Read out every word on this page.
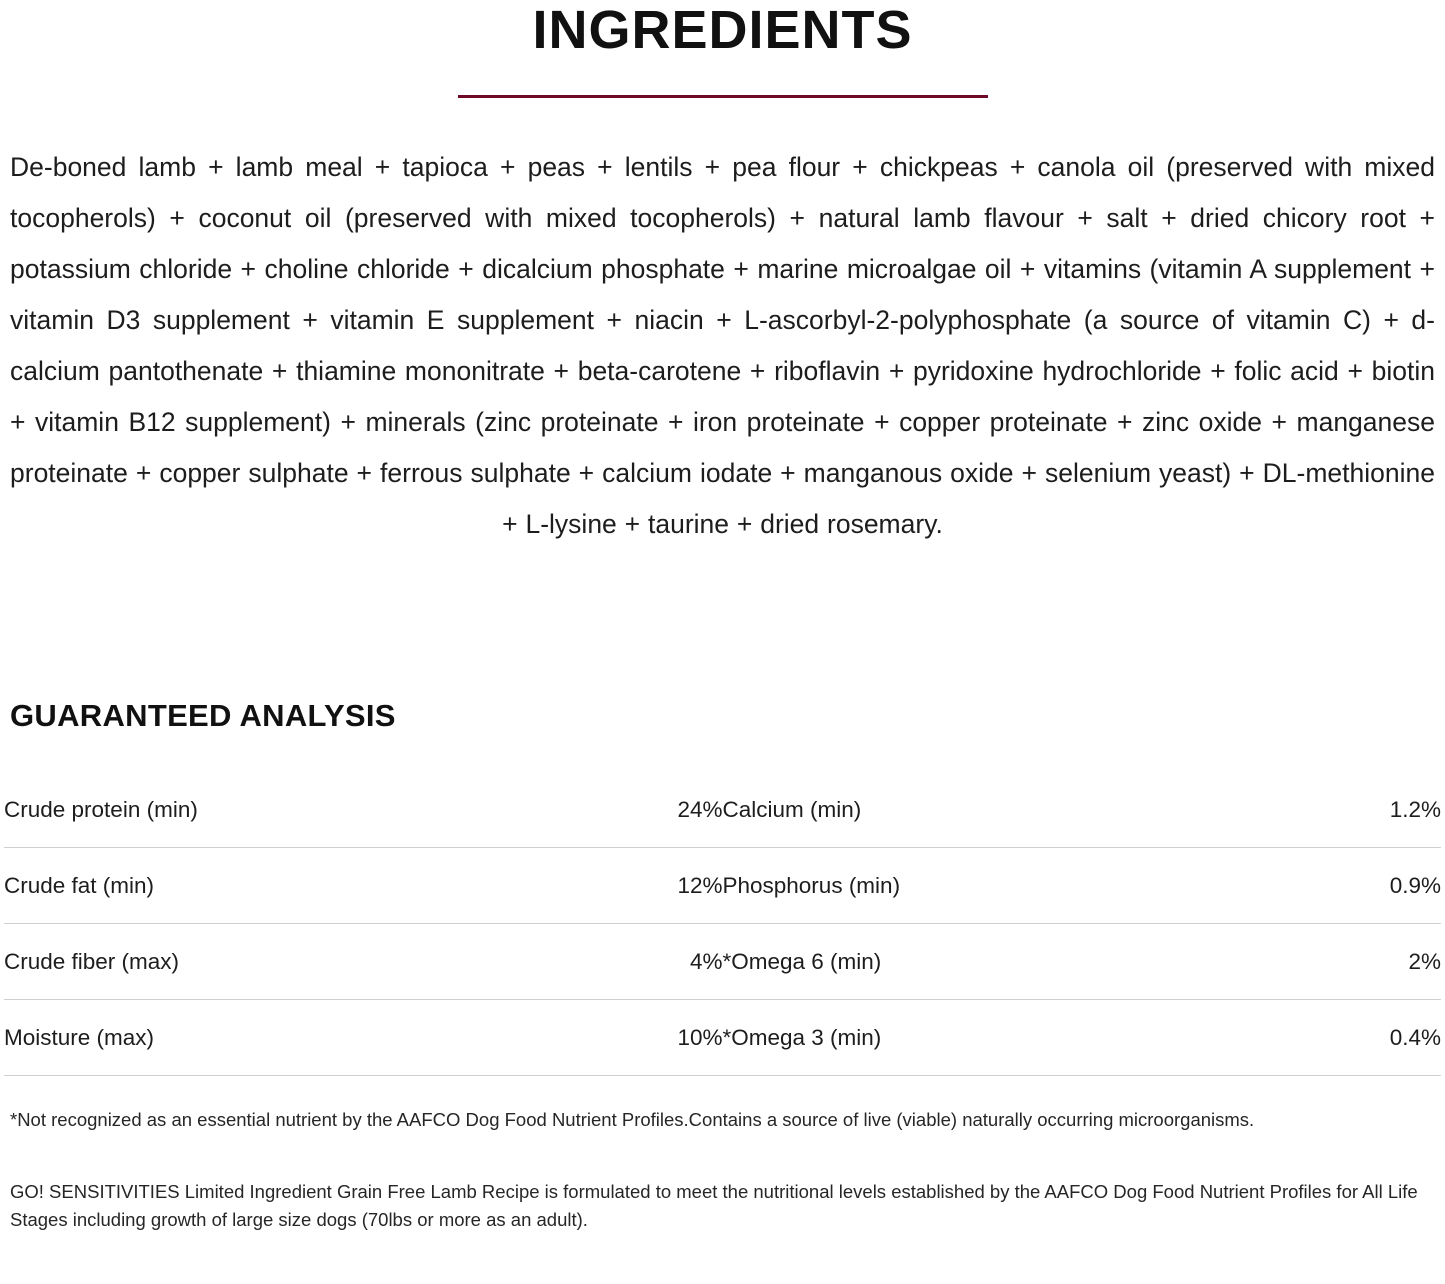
INGREDIENTS

De-boned lamb + lamb meal + tapioca + peas + lentils + pea flour + chickpeas + canola oil (preserved with mixed tocopherols) + coconut oil (preserved with mixed tocopherols) + natural lamb flavour + salt + dried chicory root + potassium chloride + choline chloride + dicalcium phosphate + marine microalgae oil + vitamins (vitamin A supplement + vitamin D3 supplement + vitamin E supplement + niacin + L-ascorbyl-2-polyphosphate (a source of vitamin C) + d-calcium pantothenate + thiamine mononitrate + beta-carotene + riboflavin + pyridoxine hydrochloride + folic acid + biotin + vitamin B12 supplement) + minerals (zinc proteinate + iron proteinate + copper proteinate + zinc oxide + manganese proteinate + copper sulphate + ferrous sulphate + calcium iodate + manganous oxide + selenium yeast) + DL-methionine + L-lysine + taurine + dried rosemary.

GUARANTEED ANALYSIS
Crude protein (min)	24%	Calcium (min)	1.2%
Crude fat (min)	12%	Phosphorus (min)	0.9%
Crude fiber (max)	4%	*Omega 6 (min)	2%
Moisture (max)	10%	*Omega 3 (min)	0.4%

*Not recognized as an essential nutrient by the AAFCO Dog Food Nutrient Profiles.Contains a source of live (viable) naturally occurring microorganisms.

GO! SENSITIVITIES Limited Ingredient Grain Free Lamb Recipe is formulated to meet the nutritional levels established by the AAFCO Dog Food Nutrient Profiles for All Life Stages including growth of large size dogs (70lbs or more as an adult).
